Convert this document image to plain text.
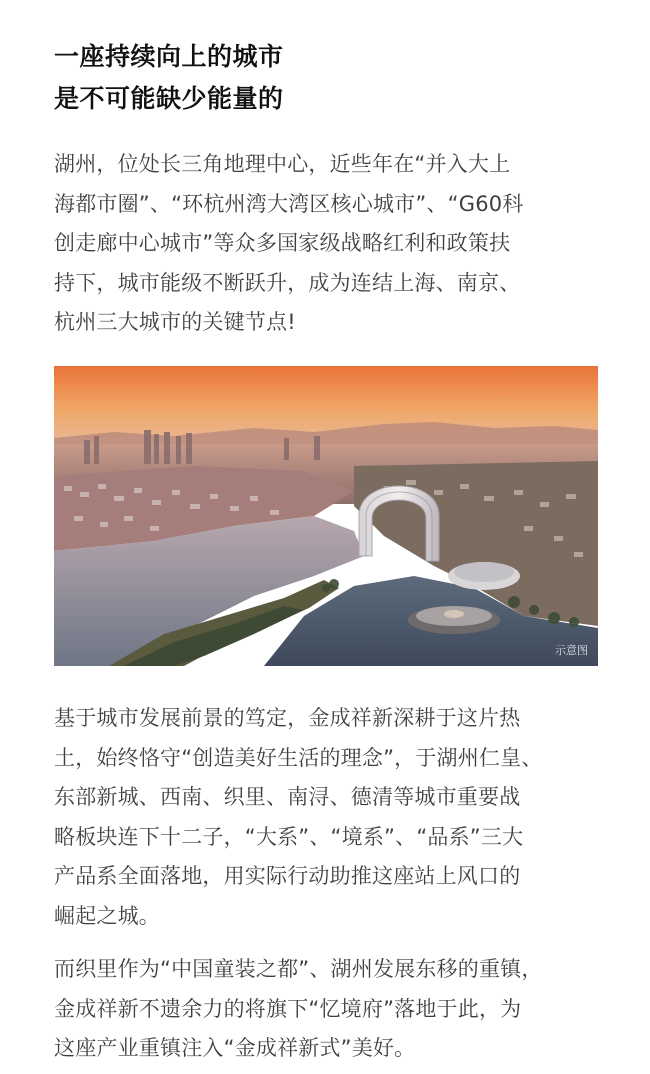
一座持续向上的城市
是不可能缺少能量的
湖州，位处长三角地理中心，近些年在“并入大上
海都市圈”、“环杭州湾大湾区核心城市”、“G60科
创走廊中心城市”等众多国家级战略红利和政策扶
持下，城市能级不断跃升，成为连结上海、南京、
杭州三大城市的关键节点!
示意图
基于城市发展前景的笃定，金成祥新深耕于这片热
土，始终恪守“创造美好生活的理念”，于湖州仁皇、
东部新城、西南、织里、南浔、德清等城市重要战
略板块连下十二子，“大系”、“境系”、“品系”三大
产品系全面落地，用实际行动助推这座站上风口的
崛起之城。
而织里作为“中国童装之都”、湖州发展东移的重镇，
金成祥新不遗余力的将旗下“忆境府”落地于此，为
这座产业重镇注入“金成祥新式”美好。
